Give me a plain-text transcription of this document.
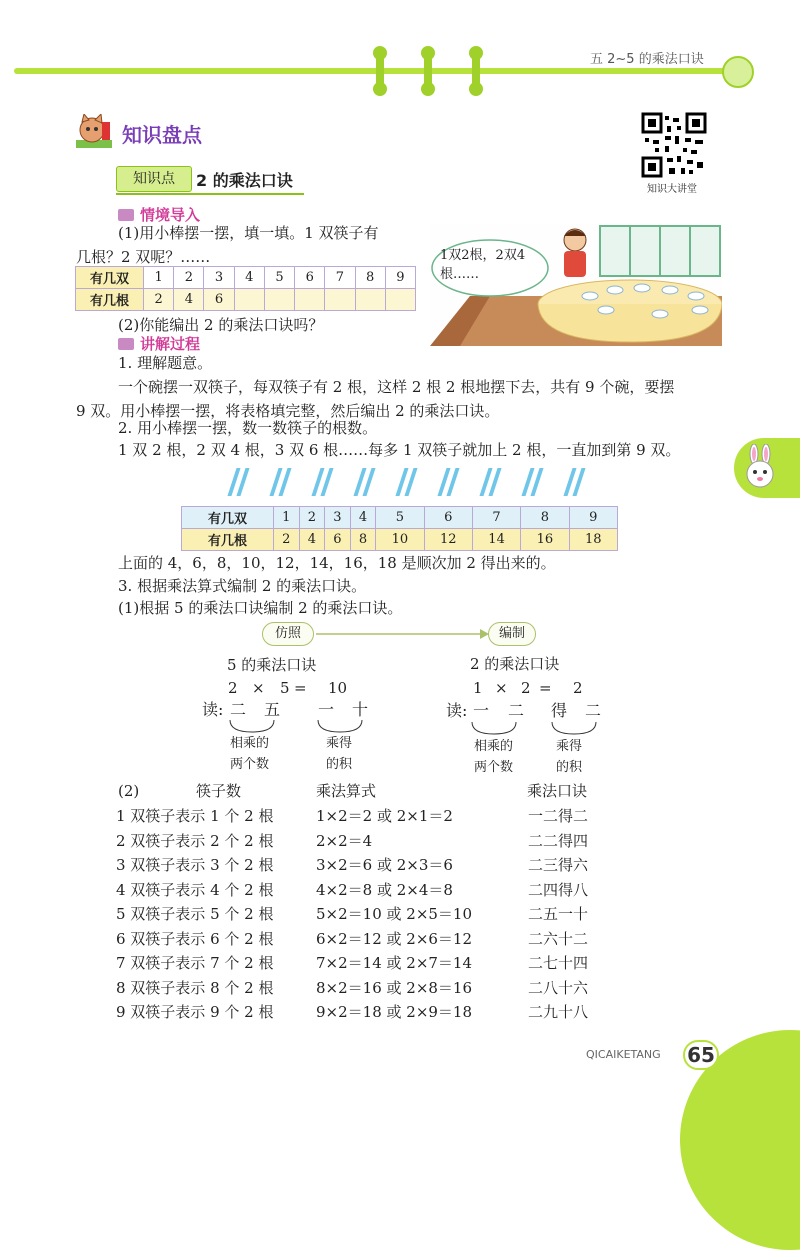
五 2~5 的乘法口诀
知识盘点
知识大讲堂
知识点	2 的乘法口诀
情境导入
(1)用小棒摆一摆，填一填。1 双筷子有
几根？2 双呢？……
有几双	1	2	3	4	5	6	7	8	9
有几根	2	4	6						
(2)你能编出 2 的乘法口诀吗？
1双2根，2双4根……
讲解过程
1. 理解题意。
一个碗摆一双筷子，每双筷子有 2 根，这样 2 根 2 根地摆下去，共有 9 个碗，要摆
9 双。用小棒摆一摆，将表格填完整，然后编出 2 的乘法口诀。
2. 用小棒摆一摆，数一数筷子的根数。
1 双 2 根，2 双 4 根，3 双 6 根……每多 1 双筷子就加上 2 根，一直加到第 9 双。
有几双	1	2	3	4	5	6	7	8	9
有几根	2	4	6	8	10	12	14	16	18
上面的 4，6，8，10，12，14，16，18 是顺次加 2 得出来的。
3. 根据乘法算式编制 2 的乘法口诀。
(1)根据 5 的乘法口诀编制 2 的乘法口诀。
仿照	编制
5 的乘法口诀
2 × 5 = 10
读: 二 五 一 十
相乘的
两个数
乘得
的积
2 的乘法口诀
1 × 2 = 2
读: 一 二 得 二
相乘的
两个数
乘得
的积
(2)	筷子数	乘法算式	乘法口诀
1 双筷子表示 1 个 2 根	1×2＝2 或 2×1＝2	一二得二
2 双筷子表示 2 个 2 根	2×2＝4	二二得四
3 双筷子表示 3 个 2 根	3×2＝6 或 2×3＝6	二三得六
4 双筷子表示 4 个 2 根	4×2＝8 或 2×4＝8	二四得八
5 双筷子表示 5 个 2 根	5×2＝10 或 2×5＝10	二五一十
6 双筷子表示 6 个 2 根	6×2＝12 或 2×6＝12	二六十二
7 双筷子表示 7 个 2 根	7×2＝14 或 2×7＝14	二七十四
8 双筷子表示 8 个 2 根	8×2＝16 或 2×8＝16	二八十六
9 双筷子表示 9 个 2 根	9×2＝18 或 2×9＝18	二九十八
QICAIKETANG 65
